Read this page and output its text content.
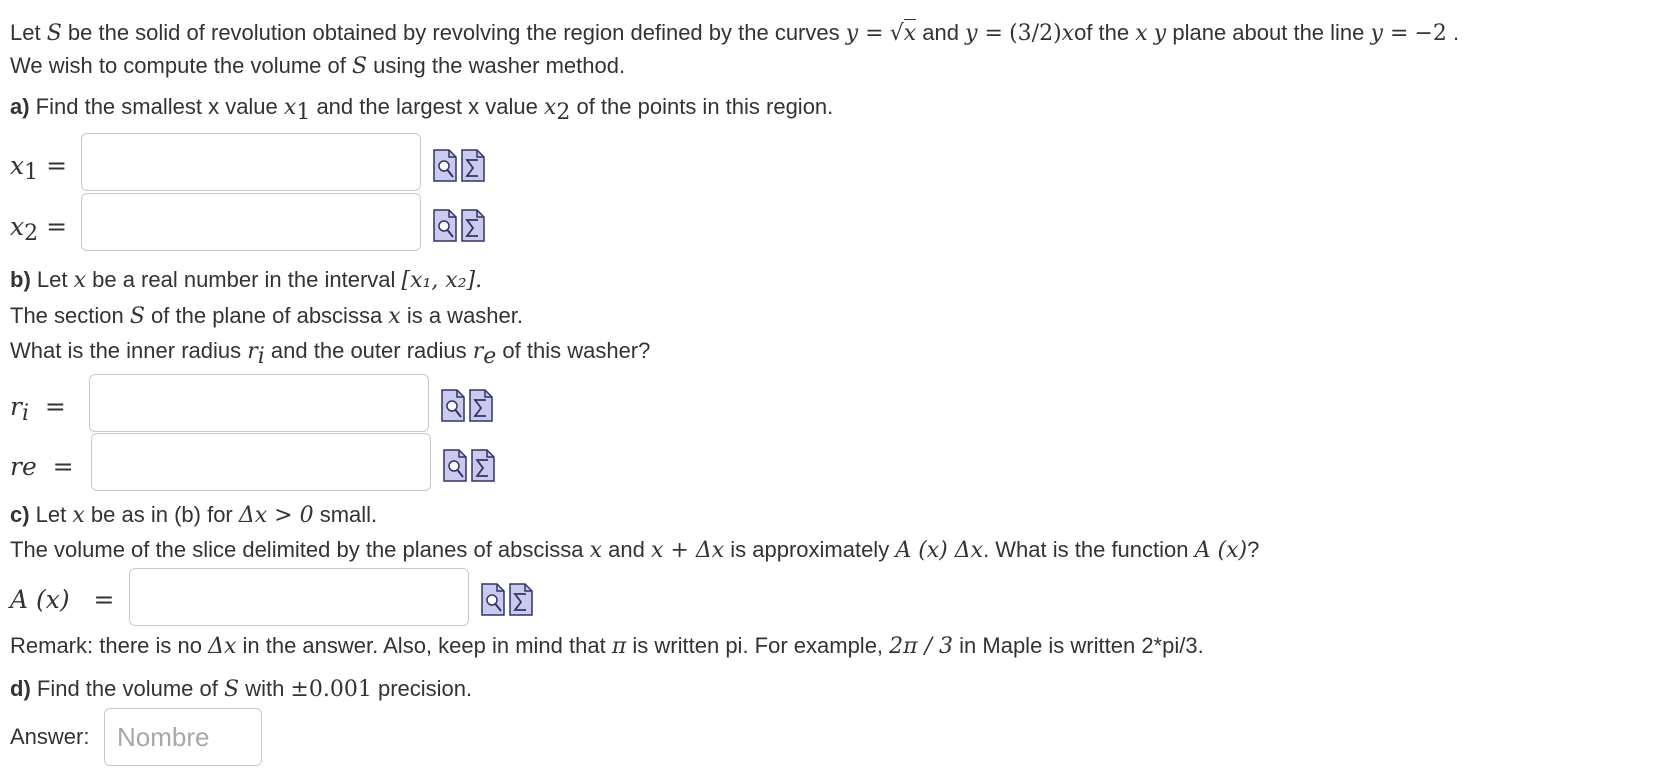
Let S be the solid of revolution obtained by revolving the region defined by the curves y = √x and y = (3/2)xof the x y plane about the line y = −2 .
We wish to compute the volume of S using the washer method.
a) Find the smallest x value x1 and the largest x value x2 of the points in this region.
x1 =
x2 =
b) Let x be a real number in the interval [x₁, x₂].
The section S of the plane of abscissa x is a washer.
What is the inner radius ri and the outer radius re of this washer?
ri =
re =
c) Let x be as in (b) for Δx > 0 small.
The volume of the slice delimited by the planes of abscissa x and x + Δx is approximately A (x) Δx. What is the function A (x)?
A (x) =
Remark: there is no Δx in the answer. Also, keep in mind that π is written pi. For example, 2π / 3 in Maple is written 2*pi/3.
d) Find the volume of S with ±0.001 precision.
Answer:
Nombre
